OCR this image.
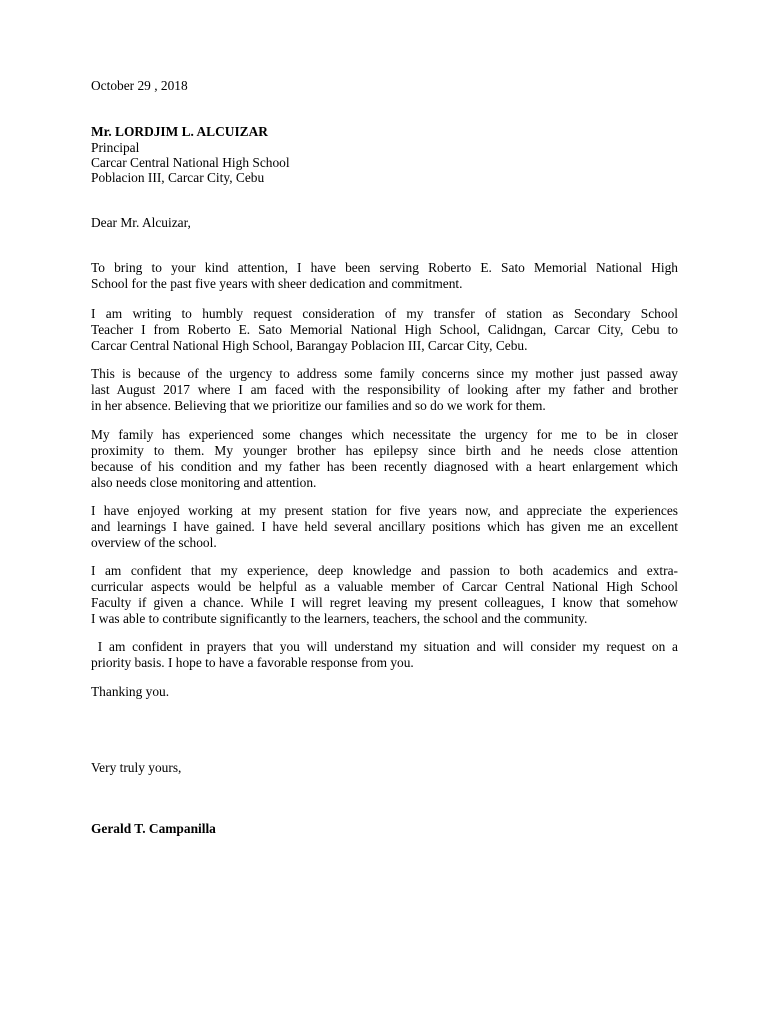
October 29 , 2018
Mr. LORDJIM L. ALCUIZAR
Principal
Carcar Central National High School
Poblacion III, Carcar City, Cebu
Dear Mr. Alcuizar,
To bring to your kind attention, I have been serving Roberto E. Sato Memorial National High
School for the past five years with sheer dedication and commitment.
I am writing to humbly request consideration of my transfer of station as Secondary School
Teacher I from Roberto E. Sato Memorial National High School, Calidngan, Carcar City, Cebu to
Carcar Central National High School, Barangay Poblacion III, Carcar City, Cebu.
This is because of the urgency to address some family concerns since my mother just passed away
last August 2017 where I am faced with the responsibility of looking after my father and brother
in her absence. Believing that we prioritize our families and so do we work for them.
My family has experienced some changes which necessitate the urgency for me to be in closer
proximity to them. My younger brother has epilepsy since birth and he needs close attention
because of his condition and my father has been recently diagnosed with a heart enlargement which
also needs close monitoring and attention.
I have enjoyed working at my present station for five years now, and appreciate the experiences
and learnings I have gained. I have held several ancillary positions which has given me an excellent
overview of the school.
I am confident that my experience, deep knowledge and passion to both academics and extra-
curricular aspects would be helpful as a valuable member of Carcar Central National High School
Faculty if given a chance. While I will regret leaving my present colleagues, I know that somehow
I was able to contribute significantly to the learners, teachers, the school and the community.
I am confident in prayers that you will understand my situation and will consider my request on a
priority basis. I hope to have a favorable response from you.
Thanking you.
Very truly yours,
Gerald T. Campanilla
